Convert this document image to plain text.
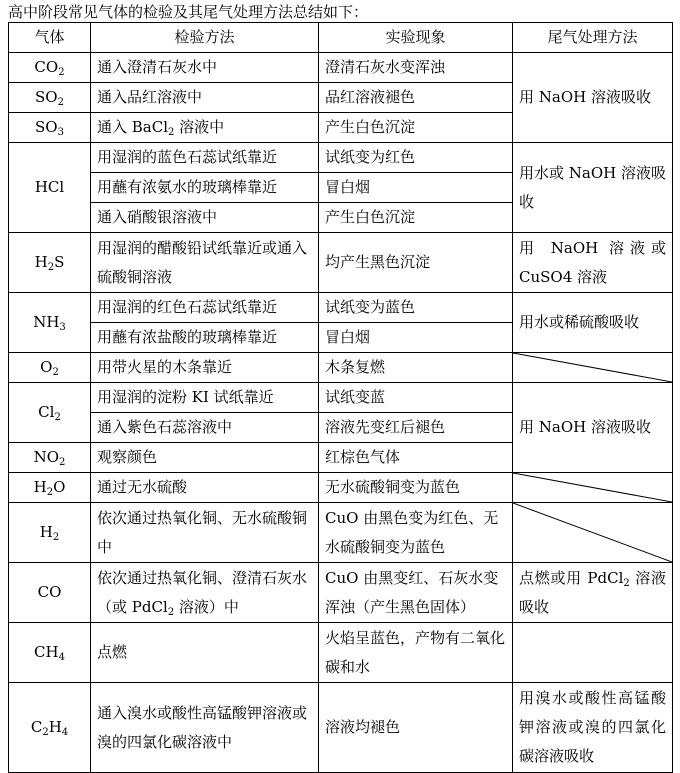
高中阶段常见气体的检验及其尾气处理方法总结如下：
气体	检验方法	实验现象	尾气处理方法
$CO_2$	通入澄清石灰水中	澄清石灰水变浑浊	用 NaOH 溶液吸收
$SO_2$	通入品红溶液中	品红溶液褪色	
$SO_3$	通入 BaCl$_2$ 溶液中	产生白色沉淀	
HCl	用湿润的蓝色石蕊试纸靠近	试纸变为红色	用水或 NaOH 溶液吸收
	用蘸有浓氨水的玻璃棒靠近	冒白烟	
	通入硝酸银溶液中	产生白色沉淀	
$H_2S$	用湿润的醋酸铅试纸靠近或通入硫酸铜溶液	均产生黑色沉淀	用 NaOH 溶液或 CuSO4 溶液
$NH_3$	用湿润的红色石蕊试纸靠近	试纸变为蓝色	用水或稀硫酸吸收
	用蘸有浓盐酸的玻璃棒靠近	冒白烟	
$O_2$	用带火星的木条靠近	木条复燃	

$Cl_2$	用湿润的淀粉 KI 试纸靠近	试纸变蓝	用 NaOH 溶液吸收
	通入紫色石蕊溶液中	溶液先变红后褪色	
$NO_2$	观察颜色	红棕色气体	
$H_2O$	通过无水硫酸	无水硫酸铜变为蓝色	

$H_2$	依次通过热氧化铜、无水硫酸铜中	CuO 由黑色变为红色、无水硫酸铜变为蓝色	

CO	依次通过热氧化铜、澄清石灰水（或 PdCl$_2$ 溶液）中	CuO 由黑变红、石灰水变浑浊（产生黑色固体）	点燃或用 PdCl$_2$ 溶液吸收
$CH_4$	点燃	火焰呈蓝色，产物有二氧化碳和水	
$C_2H_4$	通入溴水或酸性高锰酸钾溶液或溴的四氯化碳溶液中	溶液均褪色	用溴水或酸性高锰酸钾溶液或溴的四氯化碳溶液吸收
